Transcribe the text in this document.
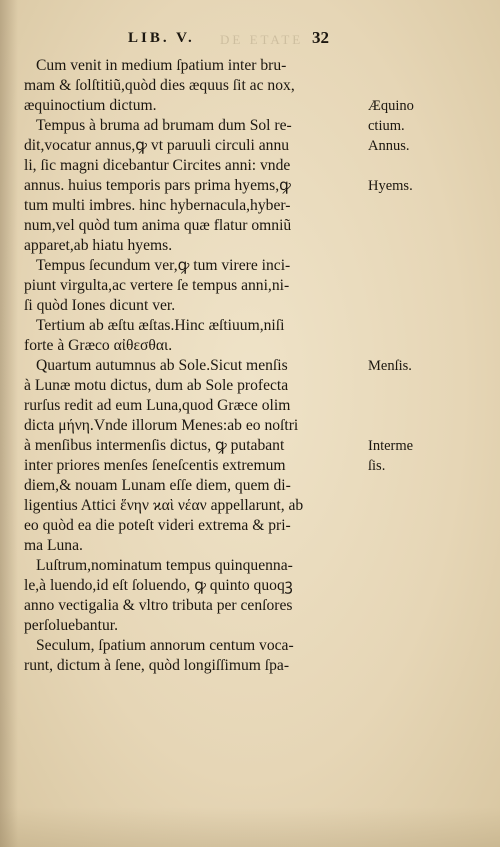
LIB. V. DE ETATE 32
Cum venit in medium ſpatium inter bru-
mam & ſolſtitiũ,quòd dies æquus ſit ac nox,
æquinoctium dictum.
Tempus à bruma ad brumam dum Sol re-
dit,vocatur annus,ꝙ vt paruuli circuli annu
li, ſic magni dicebantur Circites anni: vnde
annus. huius temporis pars prima hyems,ꝙ
tum multi imbres. hinc hybernacula,hyber-
num,vel quòd tum anima quæ flatur omniũ
apparet,ab hiatu hyems.
Tempus ſecundum ver,ꝙ tum virere inci-
piunt virgulta,ac vertere ſe tempus anni,ni-
ſi quòd Iones dicunt ver.
Tertium ab æſtu æſtas.Hinc æſtiuum,niſi
forte à Græco αἰθεσθαι.
Quartum autumnus ab Sole.Sicut menſis
à Lunæ motu dictus, dum ab Sole profecta
rurſus redit ad eum Luna,quod Græce olim
dicta μήνη.Vnde illorum Menes:ab eo noſtri
à menſibus intermenſis dictus, ꝙ putabant
inter priores menſes ſeneſcentis extremum
diem,& nouam Lunam eſſe diem, quem di-
ligentius Attici ἕνην ϰαὶ νέαν appellarunt, ab
eo quòd ea die poteſt videri extrema & pri-
ma Luna.
Luſtrum,nominatum tempus quinquenna-
le,à luendo,id eſt ſoluendo, ꝙ quinto quoqꝫ
anno vectigalia & vltro tributa per cenſores
perſoluebantur.
Seculum, ſpatium annorum centum voca-
runt, dictum à ſene, quòd longiſſimum ſpa-
Æquino
ctium.
Annus.
Hyems.
Menſis.
Interme
ſis.
